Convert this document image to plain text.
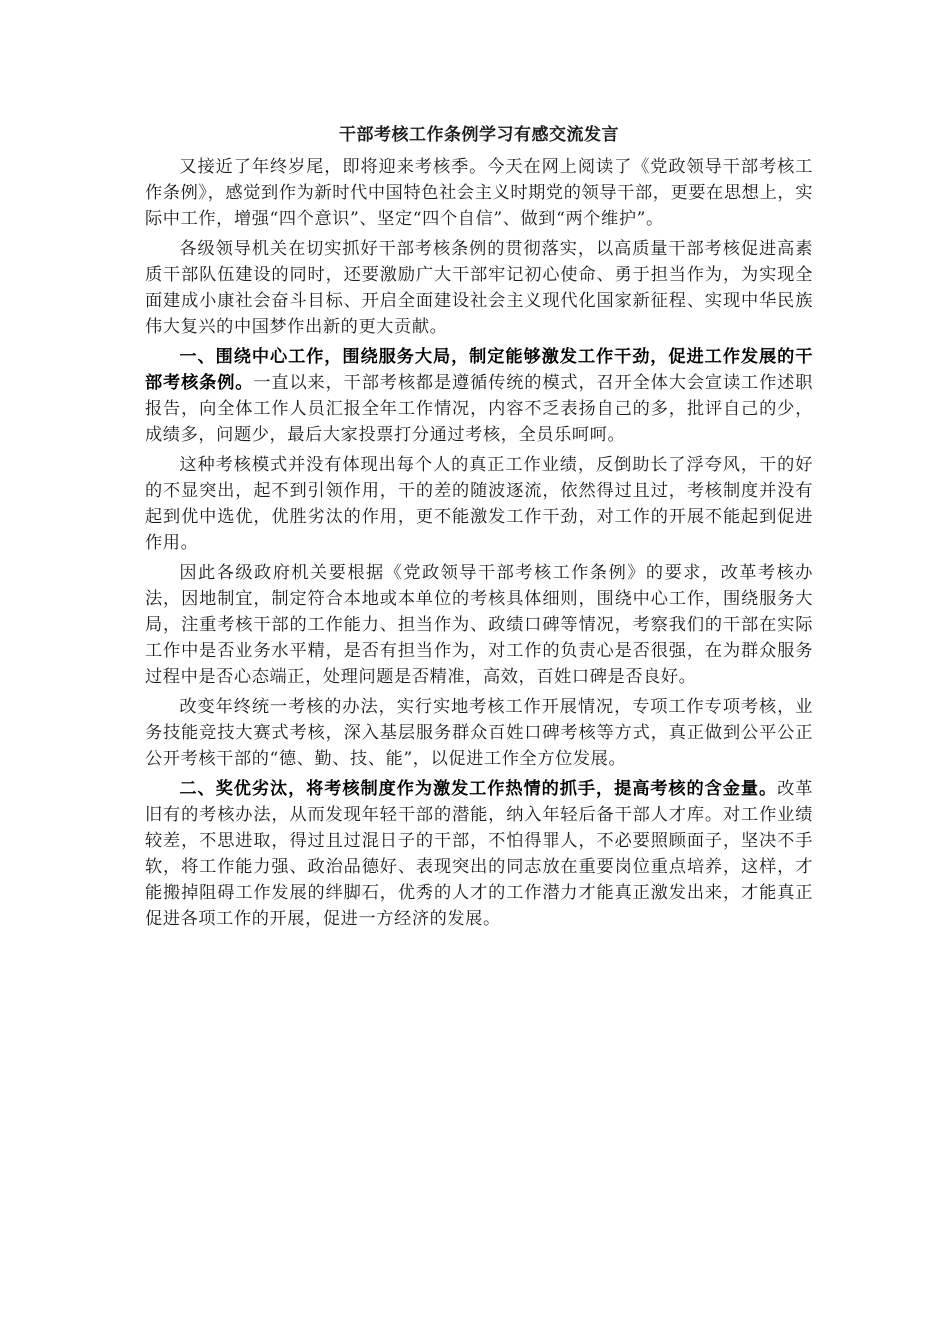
干部考核工作条例学习有感交流发言

又接近了年终岁尾，即将迎来考核季。今天在网上阅读了《党政领导干部考核工作条例》，感觉到作为新时代中国特色社会主义时期党的领导干部，更要在思想上，实际中工作，增强“四个意识”、坚定“四个自信”、做到“两个维护”。

各级领导机关在切实抓好干部考核条例的贯彻落实，以高质量干部考核促进高素质干部队伍建设的同时，还要激励广大干部牢记初心使命、勇于担当作为，为实现全面建成小康社会奋斗目标、开启全面建设社会主义现代化国家新征程、实现中华民族伟大复兴的中国梦作出新的更大贡献。

一、围绕中心工作，围绕服务大局，制定能够激发工作干劲，促进工作发展的干部考核条例。一直以来，干部考核都是遵循传统的模式，召开全体大会宣读工作述职报告，向全体工作人员汇报全年工作情况，内容不乏表扬自己的多，批评自己的少，成绩多，问题少，最后大家投票打分通过考核，全员乐呵呵。

这种考核模式并没有体现出每个人的真正工作业绩，反倒助长了浮夸风，干的好的不显突出，起不到引领作用，干的差的随波逐流，依然得过且过，考核制度并没有起到优中选优，优胜劣汰的作用，更不能激发工作干劲，对工作的开展不能起到促进作用。

因此各级政府机关要根据《党政领导干部考核工作条例》的要求，改革考核办法，因地制宜，制定符合本地或本单位的考核具体细则，围绕中心工作，围绕服务大局，注重考核干部的工作能力、担当作为、政绩口碑等情况，考察我们的干部在实际工作中是否业务水平精，是否有担当作为，对工作的负责心是否很强，在为群众服务过程中是否心态端正，处理问题是否精准，高效，百姓口碑是否良好。

改变年终统一考核的办法，实行实地考核工作开展情况，专项工作专项考核，业务技能竞技大赛式考核，深入基层服务群众百姓口碑考核等方式，真正做到公平公正公开考核干部的“德、勤、技、能”，以促进工作全方位发展。

二、奖优劣汰，将考核制度作为激发工作热情的抓手，提高考核的含金量。改革旧有的考核办法，从而发现年轻干部的潜能，纳入年轻后备干部人才库。对工作业绩较差，不思进取，得过且过混日子的干部，不怕得罪人，不必要照顾面子，坚决不手软，将工作能力强、政治品德好、表现突出的同志放在重要岗位重点培养，这样，才能搬掉阻碍工作发展的绊脚石，优秀的人才的工作潜力才能真正激发出来，才能真正促进各项工作的开展，促进一方经济的发展。
